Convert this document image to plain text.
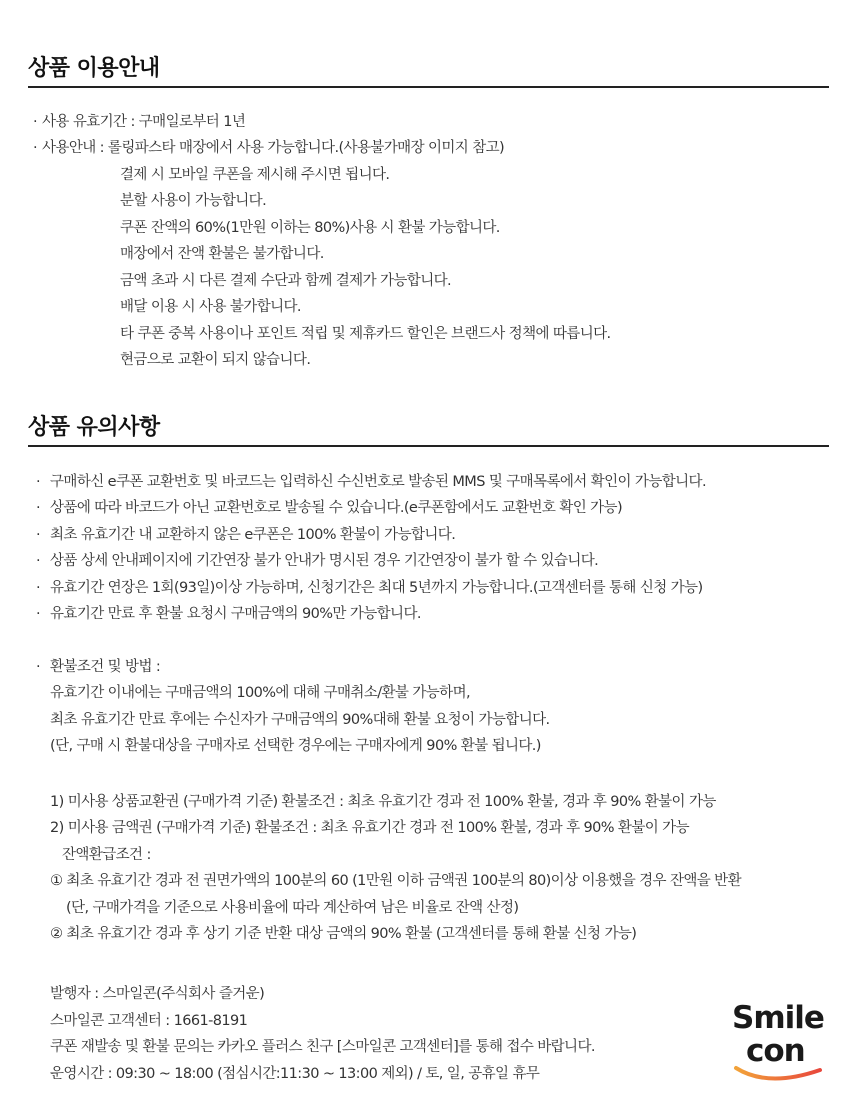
상품 이용안내
· 사용 유효기간 : 구매일로부터 1년
· 사용안내 : 롤링파스타 매장에서 사용 가능합니다.(사용불가매장 이미지 참고)
결제 시 모바일 쿠폰을 제시해 주시면 됩니다.
분할 사용이 가능합니다.
쿠폰 잔액의 60%(1만원 이하는 80%)사용 시 환불 가능합니다.
매장에서 잔액 환불은 불가합니다.
금액 초과 시 다른 결제 수단과 함께 결제가 가능합니다.
배달 이용 시 사용 불가합니다.
타 쿠폰 중복 사용이나 포인트 적립 및 제휴카드 할인은 브랜드사 정책에 따릅니다.
현금으로 교환이 되지 않습니다.
상품 유의사항
· 구매하신 e쿠폰 교환번호 및 바코드는 입력하신 수신번호로 발송된 MMS 및 구매목록에서 확인이 가능합니다.
· 상품에 따라 바코드가 아닌 교환번호로 발송될 수 있습니다.(e쿠폰함에서도 교환번호 확인 가능)
· 최초 유효기간 내 교환하지 않은 e쿠폰은 100% 환불이 가능합니다.
· 상품 상세 안내페이지에 기간연장 불가 안내가 명시된 경우 기간연장이 불가 할 수 있습니다.
· 유효기간 연장은 1회(93일)이상 가능하며, 신청기간은 최대 5년까지 가능합니다.(고객센터를 통해 신청 가능)
· 유효기간 만료 후 환불 요청시 구매금액의 90%만 가능합니다.
· 환불조건 및 방법 :
유효기간 이내에는 구매금액의 100%에 대해 구매취소/환불 가능하며,
최초 유효기간 만료 후에는 수신자가 구매금액의 90%대해 환불 요청이 가능합니다.
(단, 구매 시 환불대상을 구매자로 선택한 경우에는 구매자에게 90% 환불 됩니다.)
1) 미사용 상품교환권 (구매가격 기준) 환불조건 : 최초 유효기간 경과 전 100% 환불, 경과 후 90% 환불이 가능
2) 미사용 금액권 (구매가격 기준) 환불조건 : 최초 유효기간 경과 전 100% 환불, 경과 후 90% 환불이 가능
잔액환급조건 :
① 최초 유효기간 경과 전 권면가액의 100분의 60 (1만원 이하 금액권 100분의 80)이상 이용했을 경우 잔액을 반환
(단, 구매가격을 기준으로 사용비율에 따라 계산하여 남은 비율로 잔액 산정)
② 최초 유효기간 경과 후 상기 기준 반환 대상 금액의 90% 환불 (고객센터를 통해 환불 신청 가능)
발행자 : 스마일콘(주식회사 즐거운)
스마일콘 고객센터 : 1661-8191
쿠폰 재발송 및 환불 문의는 카카오 플러스 친구 [스마일콘 고객센터]를 통해 접수 바랍니다.
운영시간 : 09:30 ~ 18:00 (점심시간:11:30 ~ 13:00 제외) / 토, 일, 공휴일 휴무
Smile
con
